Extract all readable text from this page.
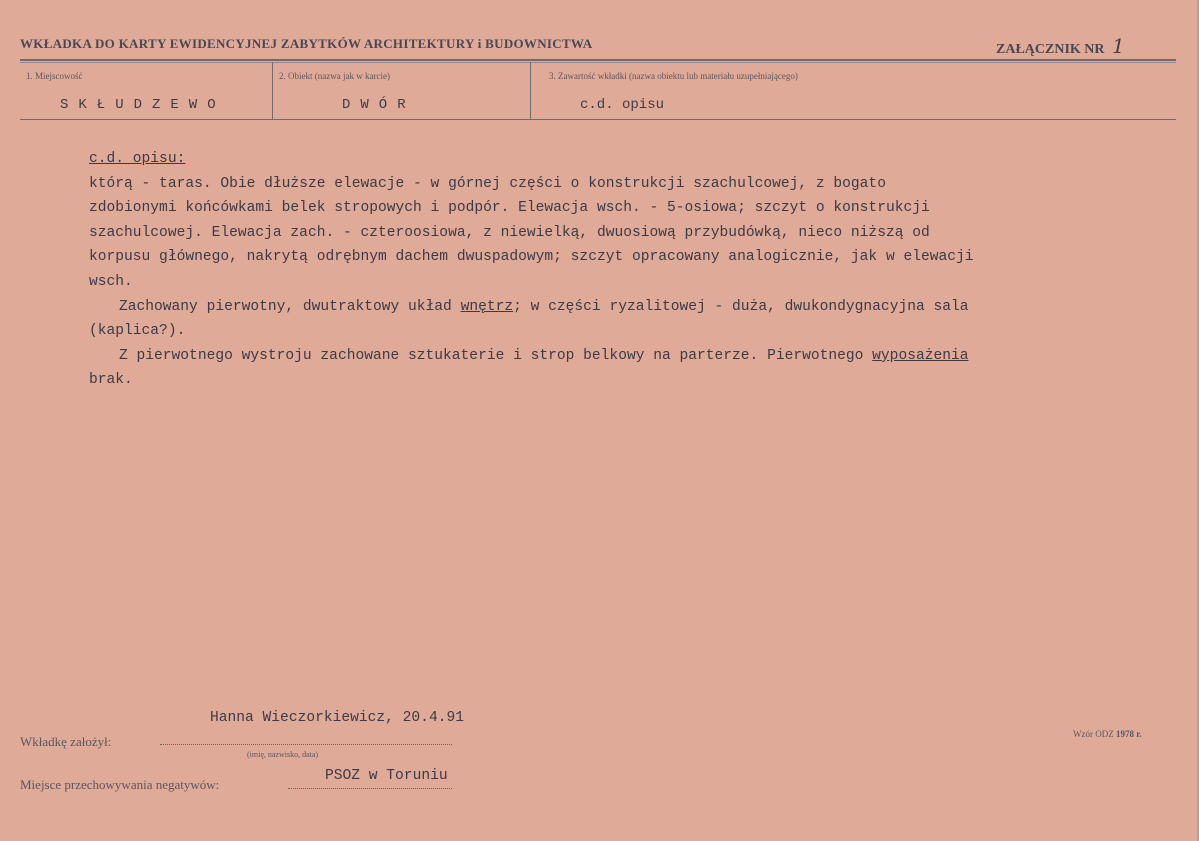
WKŁADKA DO KARTY EWIDENCYJNEJ ZABYTKÓW ARCHITEKTURY i BUDOWNICTWA	ZAŁĄCZNIK NR 1
1. Miejscowość
SKŁUDZEWO
2. Obiekt (nazwa jak w karcie)
DWÓR
3. Zawartość wkładki (nazwa obiektu lub materiału uzupełniającego)
c.d. opisu

c.d. opisu:

którą - taras. Obie dłuższe elewacje - w górnej części o konstrukcji szachulcowej, z bogato

zdobionymi końcówkami belek stropowych i podpór. Elewacja wsch. - 5-osiowa; szczyt o konstrukcji

szachulcowej. Elewacja zach. - czteroosiowa, z niewielką, dwuosiową przybudówką, nieco niższą od

korpusu głównego, nakrytą odrębnym dachem dwuspadowym; szczyt opracowany analogicznie, jak w elewacji

wsch.

Zachowany pierwotny, dwutraktowy układ wnętrz; w części ryzalitowej - duża, dwukondygnacyjna sala

(kaplica?).

Z pierwotnego wystroju zachowane sztukaterie i strop belkowy na parterze. Pierwotnego wyposażenia

brak.

Hanna Wieczorkiewicz, 20.4.91
Wkładkę założył:
(imię, nazwisko, data)
Miejsce przechowywania negatywów:
PSOZ w Toruniu
Wzór ODZ 1978 r.
